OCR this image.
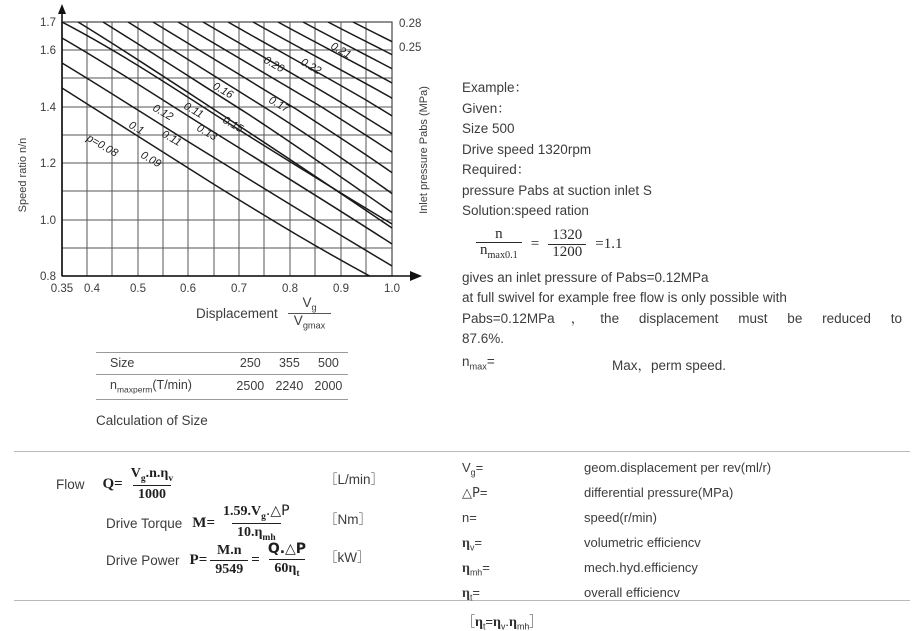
p=0.08
0.09
0.1 0.11
0.11
0.12
0.13 0.15
0.16
0.17
0.20
0.21
0.22
1.7
1.6
1.4
1.2
1.0
0.8
0.35 0.4	0.5	0.6	0.7	0.8	0.9	1.0
0.28
0.25
Speed ratio n/n	Inlet pressure Pabs (MPa)
Displacement $\frac{V_g}{V_{gmax}}$
Size	250	355	500
$n_{maxperm}(T/\min)$	2500	2240	2000
Calculation of Size
Example：
Given：
Size 500
Drive speed 1320rpm
Required：
pressure Pabs at suction inlet S
Solution:speed ration
$\frac{n}{n_{max0.1}} = \frac{1320}{1200} =1.1$
gives an inlet pressure of Pabs=0.12MPa
at full swivel for example free flow is only possible with
Pabs=0.12MPa，the displacement must be reduced to
87.6%.
$n_{max}=$	Max，perm speed.
Flow $Q= \frac{V_g.n.\eta_v}{1000}$	［L/min］
Drive Torque $M= \frac{1.59.V_g.\triangle P}{10.\eta_{mh}}$ ［Nm］
Drive Power $P= \frac{M.n}{9549} = \frac{Q.\triangle P}{60\eta_t}$ ［kW］
$V_g=$	geom.displacement per rev(ml/r)
△P=	differential pressure(MPa)
n=	speed(r/min)
$\eta_v=$	volumetric efficiencv
$\eta_{mh}=$	mech.hyd.efficiency
$\eta_t=$	overall efficiencv
$[\eta_t=\eta_v.\eta_{mh}]$
